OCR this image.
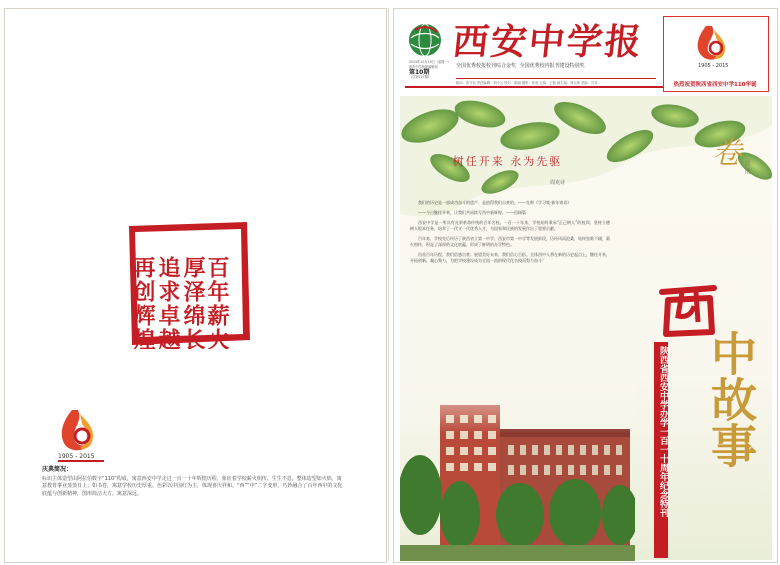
百年薪火
厚泽绵长
追求卓越
再创辉煌
1905 - 2015
庆典简况：
标识主体造型由阿拉伯数字“110”构成，寓意西安中学走过一百一十年辉煌历程，象征着学校薪火相传、生生不息。整体造型如火焰，寓意教育事业蒸蒸日上；如书卷，寓意学校历史厚重。色彩以中国红为主，体现喜庆祥和。“西”“中”二字变形，巧妙融合了百年西中的文化底蕴与创新精神，图形简洁大方，寓意深远。
西安中学报
2015年10月19日（星期一）
西安中学校报编辑部
第10期
（总第127期）
全国优秀校报校刊综合金奖 全国优秀校内报刊建设特别奖
顾问：张守信 责任编辑：刘小云 校对：陈丽 摄影：张成 主编：王磊 副主编：刘元坤 美编：苏芳
1905 - 2015
热烈祝贺陕西省西安中学110华诞
树任开来 永为先驱
周克诗

我们的历史是一部成功奋斗的遗产，是值得我们自豪的。——先师《学习集·新年寄语》

——今日继往开来，让我们共同续写西中新辉煌。——回顾篇

西安中学是一所具有光荣革命传统的百年名校。一百一十年来，学校始终秉承“正己树人”的校训，坚持立德树人根本任务，培养了一代又一代优秀人才，为国家和民族的发展作出了重要贡献。

百年来，学校先后经历了陕西省立第一中学、西安市第一中学等发展阶段，历经风雨沧桑，始终弦歌不辍，薪火相传，积淀了深厚的文化底蕴，形成了鲜明的办学特色。

回首百年历程，我们倍感自豪；展望美好未来，我们信心百倍。全体西中人将在新的历史起点上，继往开来，开拓创新，凝心聚力，为把学校建设成为全国一流的现代化名校而努力奋斗！

卷 首语
中故事
陕西省西安中学办学一百一十周年纪念特刊
